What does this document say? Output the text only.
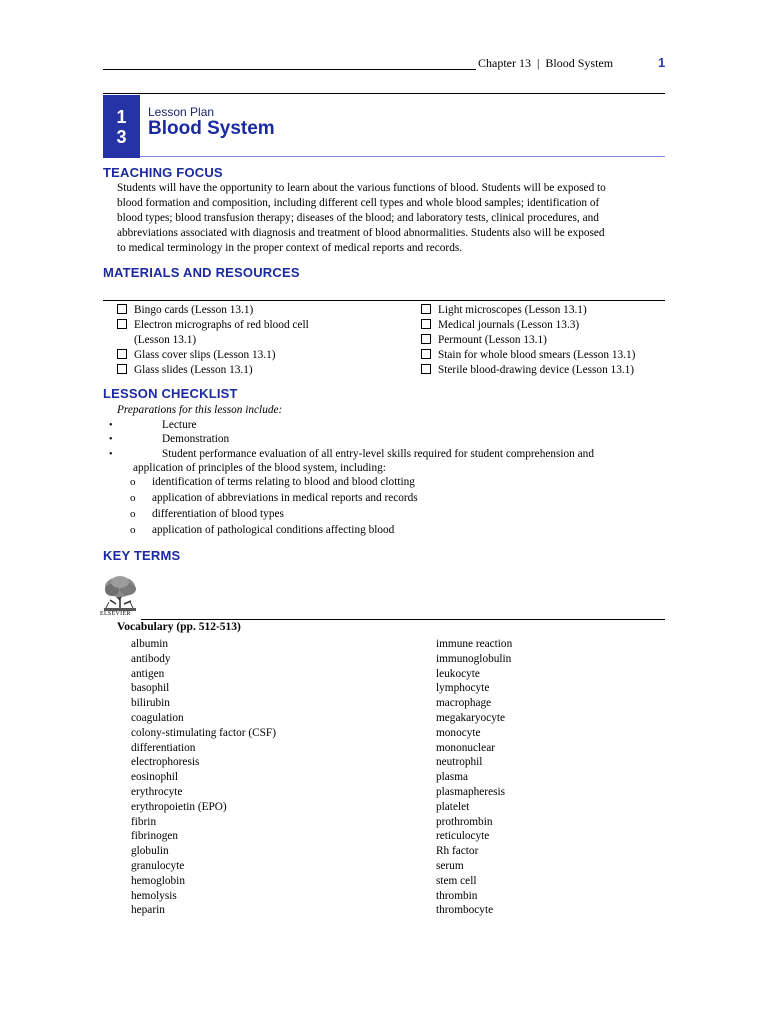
Chapter 13 | Blood System	1
1
3
Lesson Plan
Blood System
TEACHING FOCUS
Students will have the opportunity to learn about the various functions of blood. Students will be exposed to
blood formation and composition, including different cell types and whole blood samples; identification of
blood types; blood transfusion therapy; diseases of the blood; and laboratory tests, clinical procedures, and
abbreviations associated with diagnosis and treatment of blood abnormalities. Students also will be exposed
to medical terminology in the proper context of medical reports and records.
MATERIALS AND RESOURCES
Bingo cards (Lesson 13.1)
Electron micrographs of red blood cell
(Lesson 13.1)
Glass cover slips (Lesson 13.1)
Glass slides (Lesson 13.1)
Light microscopes (Lesson 13.1)
Medical journals (Lesson 13.3)
Permount (Lesson 13.1)
Stain for whole blood smears (Lesson 13.1)
Sterile blood-drawing device (Lesson 13.1)
LESSON CHECKLIST
Preparations for this lesson include:
•	Lecture
•	Demonstration
•	Student performance evaluation of all entry-level skills required for student comprehension and
application of principles of the blood system, including:
o identification of terms relating to blood and blood clotting
o application of abbreviations in medical reports and records
o differentiation of blood types
o application of pathological conditions affecting blood
KEY TERMS
ELSEVIER
Vocabulary (pp. 512-513)
albumin
antibody
antigen
basophil
bilirubin
coagulation
colony-stimulating factor (CSF)
differentiation
electrophoresis
eosinophil
erythrocyte
erythropoietin (EPO)
fibrin
fibrinogen
globulin
granulocyte
hemoglobin
hemolysis
heparin
immune reaction
immunoglobulin
leukocyte
lymphocyte
macrophage
megakaryocyte
monocyte
mononuclear
neutrophil
plasma
plasmapheresis
platelet
prothrombin
reticulocyte
Rh factor
serum
stem cell
thrombin
thrombocyte
